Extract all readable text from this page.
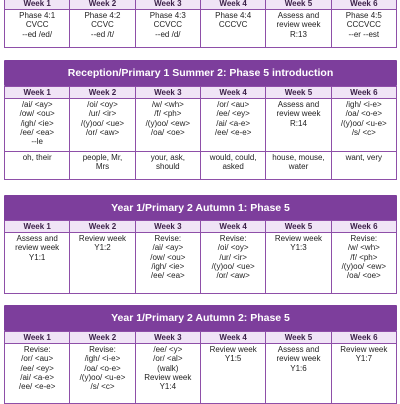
Week 1	Week 2	Week 3	Week 4	Week 5	Week 6

Phase 4:1
CVCC
--ed /ed/	Phase 4:2
CCVC
--ed /t/	Phase 4:3
CCVCC
--ed /d/	Phase 4:4
CCCVC	Assess and
review week
R:13	Phase 4:5
CCCVCC
--er --est
Reception/Primary 1 Summer 2: Phase 5 introduction
Week 1	Week 2	Week 3	Week 4	Week 5	Week 6

/ai/ <ay>
/ow/ <ou>
/igh/ <ie>
/ee/ <ea>
--le	/oi/ <oy>
/ur/ <ir>
/(y)oo/ <ue>
/or/ <aw>	/w/ <wh>
/f/ <ph>
/(y)oo/ <ew>
/oa/ <oe>	/or/ <au>
/ee/ <ey>
/ai/ <a-e>
/ee/ <e-e>	Assess and
review week
R:14	/igh/ <i-e>
/oa/ <o-e>
/(y)oo/ <u-e>
/s/ <c>

oh, their	people, Mr,
Mrs	your, ask,
should	would, could,
asked	house, mouse,
water	want, very
Year 1/Primary 2 Autumn 1: Phase 5
Week 1	Week 2	Week 3	Week 4	Week 5	Week 6

Assess and
review week
Y1:1	Review week
Y1:2	Revise:
/ai/ <ay>
/ow/ <ou>
/igh/ <ie>
/ee/ <ea>	Revise:
/oi/ <oy>
/ur/ <ir>
/(y)oo/ <ue>
/or/ <aw>	Review week
Y1:3	Revise:
/w/ <wh>
/f/ <ph>
/(y)oo/ <ew>
/oa/ <oe>
Year 1/Primary 2 Autumn 2: Phase 5
Week 1	Week 2	Week 3	Week 4	Week 5	Week 6

Revise:
/or/ <au>
/ee/ <ey>
/ai/ <a-e>
/ee/ <e-e>	Revise:
/igh/ <i-e>
/oa/ <o-e>
/(y)oo/ <u-e>
/s/ <c>	/ee/ <y>
/or/ <al>
(walk)
Review week
Y1:4	Review week
Y1:5	Assess and
review week
Y1:6	Review week
Y1:7
